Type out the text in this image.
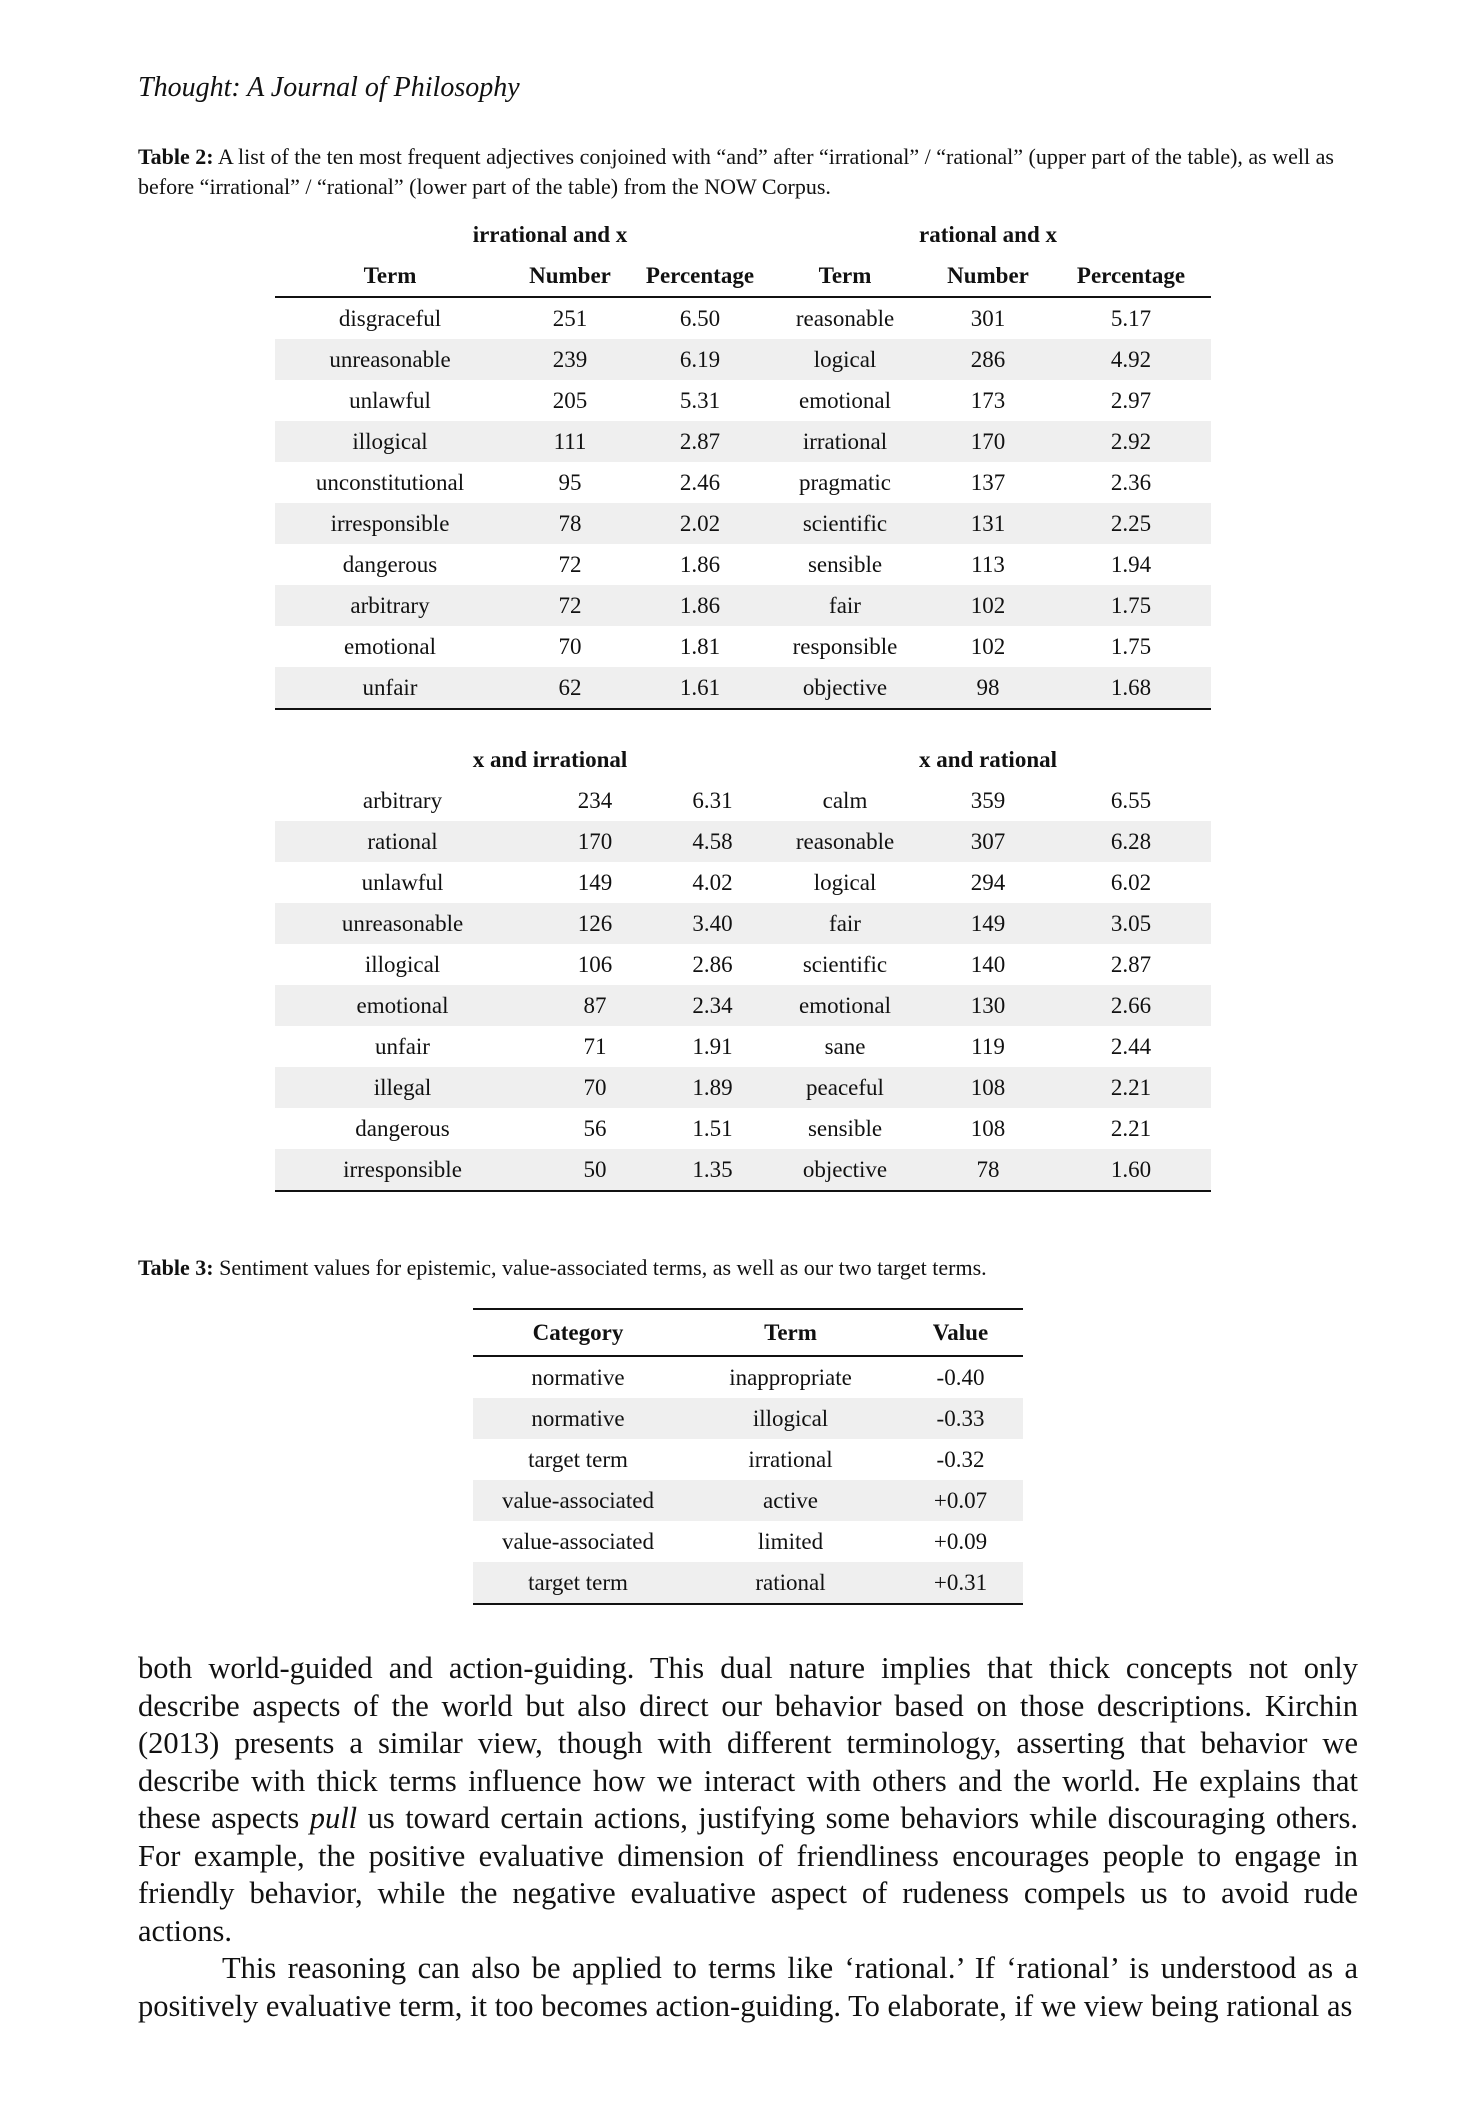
Thought: A Journal of Philosophy
Table 2: A list of the ten most frequent adjectives conjoined with “and” after “irrational” / “rational” (upper part of the table), as well as before “irrational” / “rational” (lower part of the table) from the NOW Corpus.
irrational and x			rational and x		
Term	Number	Percentage	Term	Number	Percentage
disgraceful	251	6.50	reasonable	301	5.17
unreasonable	239	6.19	logical	286	4.92
unlawful	205	5.31	emotional	173	2.97
illogical	111	2.87	irrational	170	2.92
unconstitutional	95	2.46	pragmatic	137	2.36
irresponsible	78	2.02	scientific	131	2.25
dangerous	72	1.86	sensible	113	1.94
arbitrary	72	1.86	fair	102	1.75
emotional	70	1.81	responsible	102	1.75
unfair	62	1.61	objective	98	1.68
x and irrational			x and rational		
arbitrary	234	6.31	calm	359	6.55
rational	170	4.58	reasonable	307	6.28
unlawful	149	4.02	logical	294	6.02
unreasonable	126	3.40	fair	149	3.05
illogical	106	2.86	scientific	140	2.87
emotional	87	2.34	emotional	130	2.66
unfair	71	1.91	sane	119	2.44
illegal	70	1.89	peaceful	108	2.21
dangerous	56	1.51	sensible	108	2.21
irresponsible	50	1.35	objective	78	1.60
Table 3: Sentiment values for epistemic, value-associated terms, as well as our two target terms.
Category	Term	Value
normative	inappropriate	-0.40
normative	illogical	-0.33
target term	irrational	-0.32
value-associated	active	+0.07
value-associated	limited	+0.09
target term	rational	+0.31

both world-guided and action-guiding. This dual nature implies that thick concepts not only describe aspects of the world but also direct our behavior based on those descriptions. Kirchin (2013) presents a similar view, though with different terminology, asserting that behavior we describe with thick terms influence how we interact with others and the world. He explains that these aspects pull us toward certain actions, justifying some behaviors while discouraging others. For example, the positive evaluative dimension of friendliness encourages people to engage in friendly behavior, while the negative evaluative aspect of rudeness compels us to avoid rude actions.

This reasoning can also be applied to terms like ‘rational.’ If ‘rational’ is understood as a positively evaluative term, it too becomes action-guiding. To elaborate, if we view being rational as
